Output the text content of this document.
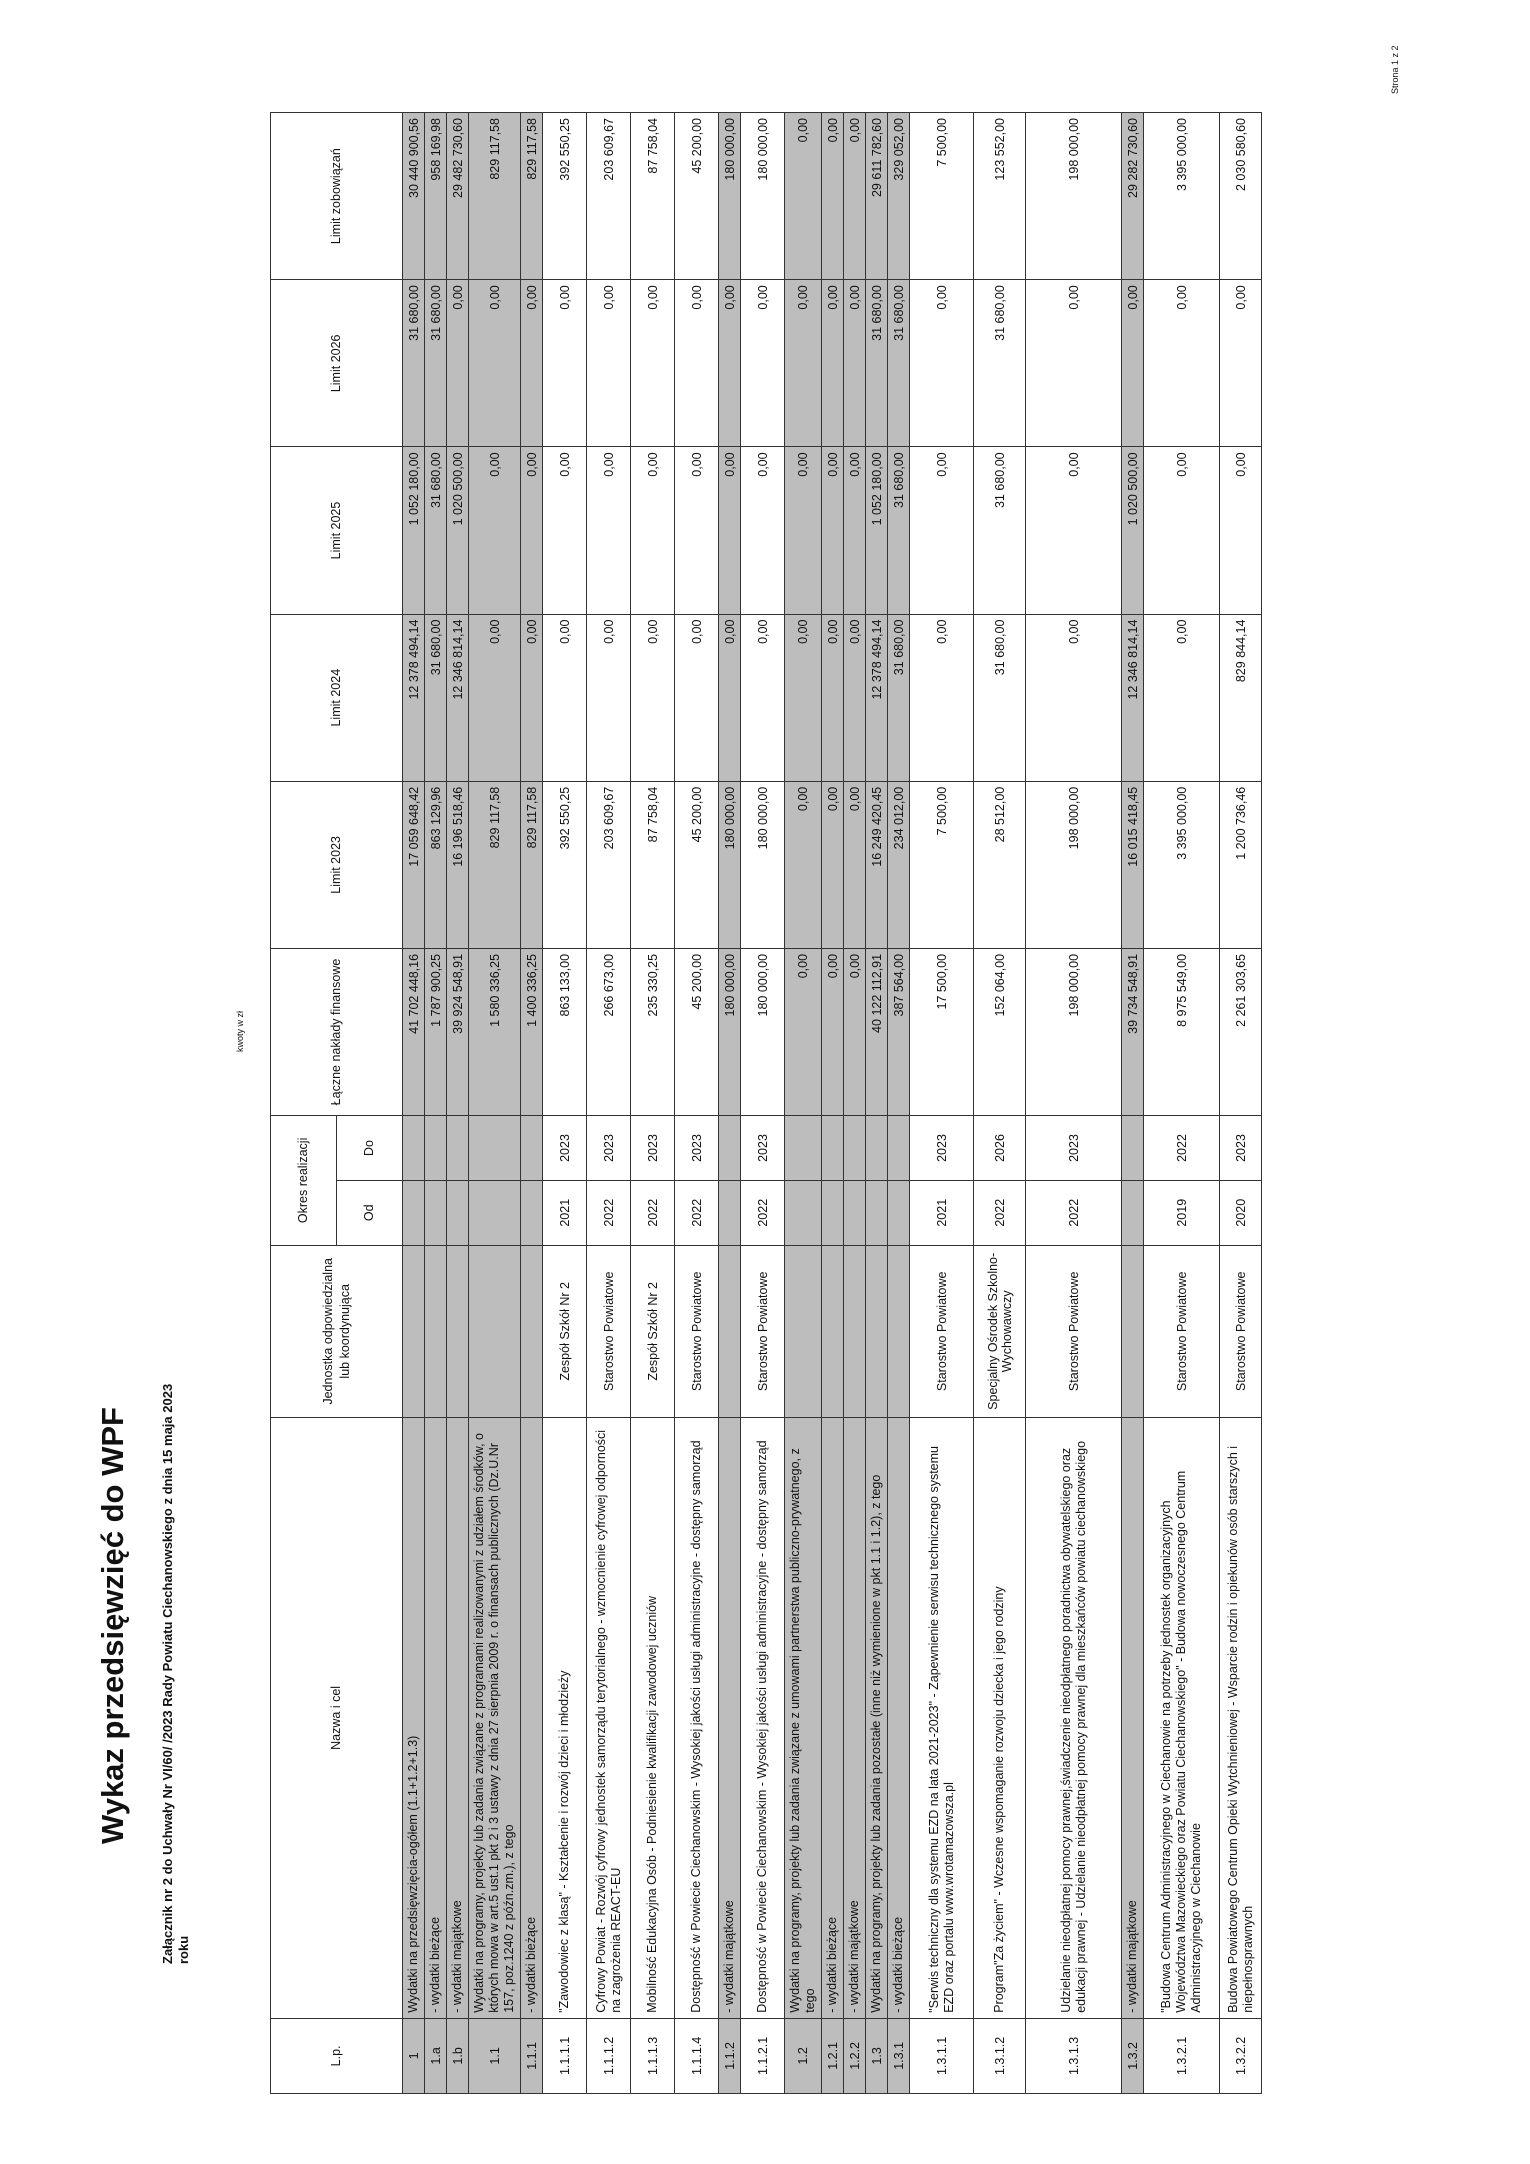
Wykaz przedsięwzięć do WPF Załącznik nr 2 do Uchwały Nr VI/60/ /2023 Rady Powiatu Ciechanowskiego z dnia 15 maja 2023 roku
kwoty w zł
Strona 1 z 2
L.p.	Nazwa i cel	Jednostka odpowiedzialna lub koordynująca	Okres realizacji		Łączne nakłady finansowe	Limit 2023	Limit 2024	Limit 2025	Limit 2026	Limit zobowiązań
			Od	Do						
1	Wydatki na przedsięwzięcia-ogółem (1.1+1.2+1.3)				41 702 448,16	17 059 648,42	12 378 494,14	1 052 180,00	31 680,00	30 440 900,56
1.a	- wydatki bieżące				1 787 900,25	863 129,96	31 680,00	31 680,00	31 680,00	958 169,98
1.b	- wydatki majątkowe				39 924 548,91	16 196 518,46	12 346 814,14	1 020 500,00	0,00	29 482 730,60
1.1	Wydatki na programy, projekty lub zadania związane z programami realizowanymi z udziałem środków, o których mowa w art.5 ust.1 pkt 2 i 3 ustawy z dnia 27 sierpnia 2009 r. o finansach publicznych (Dz.U.Nr 157, poz.1240 z późn.zm.), z tego				1 580 336,25	829 117,58	0,00	0,00	0,00	829 117,58
1.1.1	- wydatki bieżące				1 400 336,25	829 117,58	0,00	0,00	0,00	829 117,58
1.1.1.1	"Zawodowiec z klasą" - Kształcenie i rozwój dzieci i młodzieży	Zespół Szkół Nr 2	2021	2023	863 133,00	392 550,25	0,00	0,00	0,00	392 550,25
1.1.1.2	Cyfrowy Powiat - Rozwój cyfrowy jednostek samorządu terytorialnego - wzmocnienie cyfrowej odporności na zagrożenia REACT-EU	Starostwo Powiatowe	2022	2023	266 673,00	203 609,67	0,00	0,00	0,00	203 609,67
1.1.1.3	Mobilność Edukacyjna Osób - Podniesienie kwalifikacji zawodowej uczniów	Zespół Szkół Nr 2	2022	2023	235 330,25	87 758,04	0,00	0,00	0,00	87 758,04
1.1.1.4	Dostępność w Powiecie Ciechanowskim - Wysokiej jakości usługi administracyjne - dostępny samorząd	Starostwo Powiatowe	2022	2023	45 200,00	45 200,00	0,00	0,00	0,00	45 200,00
1.1.2	- wydatki majątkowe				180 000,00	180 000,00	0,00	0,00	0,00	180 000,00
1.1.2.1	Dostępność w Powiecie Ciechanowskim - Wysokiej jakości usługi administracyjne - dostępny samorząd	Starostwo Powiatowe	2022	2023	180 000,00	180 000,00	0,00	0,00	0,00	180 000,00
1.2	Wydatki na programy, projekty lub zadania związane z umowami partnerstwa publiczno-prywatnego, z tego				0,00	0,00	0,00	0,00	0,00	0,00
1.2.1	- wydatki bieżące				0,00	0,00	0,00	0,00	0,00	0,00
1.2.2	- wydatki majątkowe				0,00	0,00	0,00	0,00	0,00	0,00
1.3	Wydatki na programy, projekty lub zadania pozostałe (inne niż wymienione w pkt 1.1 i 1.2), z tego				40 122 112,91	16 249 420,45	12 378 494,14	1 052 180,00	31 680,00	29 611 782,60
1.3.1	- wydatki bieżące				387 564,00	234 012,00	31 680,00	31 680,00	31 680,00	329 052,00
1.3.1.1	"Serwis techniczny dla systemu EZD na lata 2021-2023" - Zapewnienie serwisu technicznego systemu EZD oraz portalu www.wrotamazowsza.pl	Starostwo Powiatowe	2021	2023	17 500,00	7 500,00	0,00	0,00	0,00	7 500,00
1.3.1.2	Program"Za życiem" - Wczesne wspomaganie rozwoju dziecka i jego rodziny	Specjalny Ośrodek Szkolno-Wychowawczy	2022	2026	152 064,00	28 512,00	31 680,00	31 680,00	31 680,00	123 552,00
1.3.1.3	Udzielanie nieodpłatnej pomocy prawnej,świadczenie nieodpłatnego poradnictwa obywatelskiego oraz edukacji prawnej - Udzielanie nieodpłatnej pomocy prawnej dla mieszkańców powiatu ciechanowskiego	Starostwo Powiatowe	2022	2023	198 000,00	198 000,00	0,00	0,00	0,00	198 000,00
1.3.2	- wydatki majątkowe				39 734 548,91	16 015 418,45	12 346 814,14	1 020 500,00	0,00	29 282 730,60
1.3.2.1	"Budowa Centrum Administracyjnego w Ciechanowie na potrzeby jednostek organizacyjnych Województwa Mazowieckiego oraz Powiatu Ciechanowskiego" - Budowa nowoczesnego Centrum Administracyjnego w Ciechanowie	Starostwo Powiatowe	2019	2022	8 975 549,00	3 395 000,00	0,00	0,00	0,00	3 395 000,00
1.3.2.2	Budowa Powiatowego Centrum Opieki Wytchnieniowej - Wsparcie rodzin i opiekunów osób starszych i niepełnosprawnych	Starostwo Powiatowe	2020	2023	2 261 303,65	1 200 736,46	829 844,14	0,00	0,00	2 030 580,60
